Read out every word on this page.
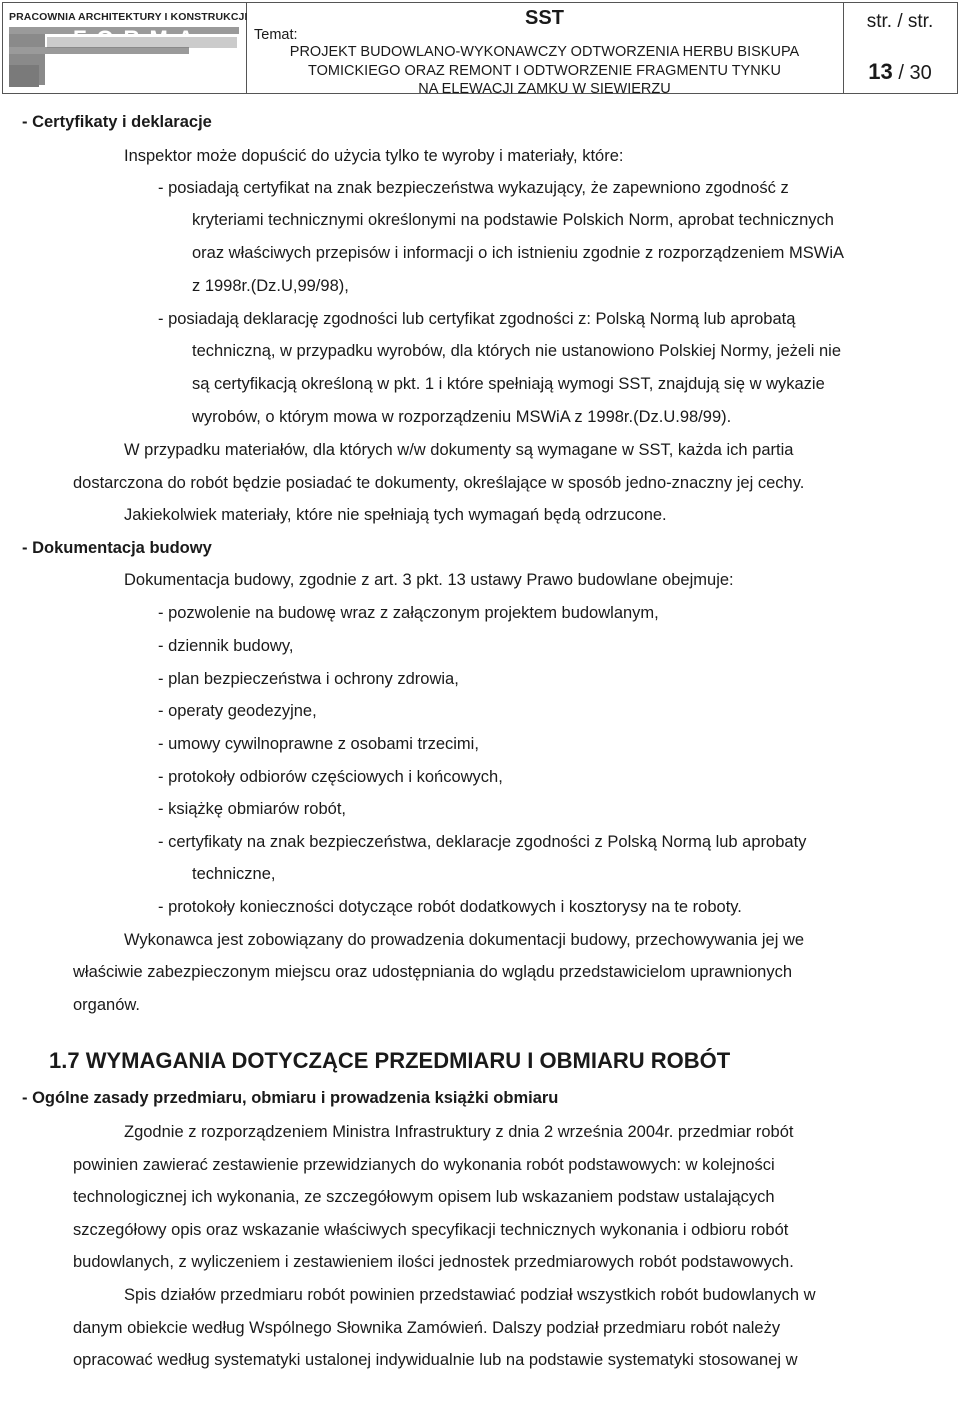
PRACOWNIA ARCHITEKTURY I KONSTRUKCJI
FORMA
SST
Temat:
PROJEKT BUDOWLANO-WYKONAWCZY ODTWORZENIA HERBU BISKUPA
TOMICKIEGO ORAZ REMONT I ODTWORZENIE FRAGMENTU TYNKU
NA ELEWACJI ZAMKU W SIEWIERZU
str. / str.
13 / 30
- Certyfikaty i deklaracje
Inspektor może dopuścić do użycia tylko te wyroby i materiały, które:
- posiadają certyfikat na znak bezpieczeństwa wykazujący, że zapewniono zgodność z
kryteriami technicznymi określonymi na podstawie Polskich Norm, aprobat technicznych
oraz właściwych przepisów i informacji o ich istnieniu zgodnie z rozporządzeniem MSWiA
z 1998r.(Dz.U,99/98),
- posiadają deklarację zgodności lub certyfikat zgodności z: Polską Normą lub aprobatą
techniczną, w przypadku wyrobów, dla których nie ustanowiono Polskiej Normy, jeżeli nie
są certyfikacją określoną w pkt. 1 i które spełniają wymogi SST, znajdują się w wykazie
wyrobów, o którym mowa w rozporządzeniu MSWiA z 1998r.(Dz.U.98/99).
W przypadku materiałów, dla których w/w dokumenty są wymagane w SST, każda ich partia
dostarczona do robót będzie posiadać te dokumenty, określające w sposób jedno-znaczny jej cechy.
Jakiekolwiek materiały, które nie spełniają tych wymagań będą odrzucone.
- Dokumentacja budowy
Dokumentacja budowy, zgodnie z art. 3 pkt. 13 ustawy Prawo budowlane obejmuje:
- pozwolenie na budowę wraz z załączonym projektem budowlanym,
- dziennik budowy,
- plan bezpieczeństwa i ochrony zdrowia,
- operaty geodezyjne,
- umowy cywilnoprawne z osobami trzecimi,
- protokoły odbiorów częściowych i końcowych,
- książkę obmiarów robót,
- certyfikaty na znak bezpieczeństwa, deklaracje zgodności z Polską Normą lub aprobaty
techniczne,
- protokoły konieczności dotyczące robót dodatkowych i kosztorysy na te roboty.
Wykonawca jest zobowiązany do prowadzenia dokumentacji budowy, przechowywania jej we
właściwie zabezpieczonym miejscu oraz udostępniania do wglądu przedstawicielom uprawnionych
organów.
1.7 WYMAGANIA DOTYCZĄCE PRZEDMIARU I OBMIARU ROBÓT
- Ogólne zasady przedmiaru, obmiaru i prowadzenia książki obmiaru
Zgodnie z rozporządzeniem Ministra Infrastruktury z dnia 2 września 2004r. przedmiar robót
powinien zawierać zestawienie przewidzianych do wykonania robót podstawowych: w kolejności
technologicznej ich wykonania, ze szczegółowym opisem lub wskazaniem podstaw ustalających
szczegółowy opis oraz wskazanie właściwych specyfikacji technicznych wykonania i odbioru robót
budowlanych, z wyliczeniem i zestawieniem ilości jednostek przedmiarowych robót podstawowych.
Spis działów przedmiaru robót powinien przedstawiać podział wszystkich robót budowlanych w
danym obiekcie według Wspólnego Słownika Zamówień. Dalszy podział przedmiaru robót należy
opracować według systematyki ustalonej indywidualnie lub na podstawie systematyki stosowanej w
